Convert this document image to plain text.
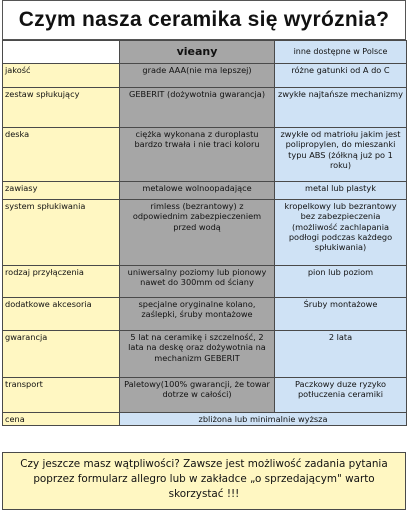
Czym nasza ceramika się wyróznia?
	vieany	inne dostępne w Polsce
jakość	grade AAA(nie ma lepszej)	różne gatunki od A do C
zestaw spłukujący	GEBERIT (dożywotnia gwarancja)	zwykłe najtańsze mechanizmy
deska	ciężka wykonana z duroplastu bardzo trwała i nie traci koloru	zwykłe od matriołu jakim jest polipropylen, do mieszanki typu ABS (żółkną już po 1 roku)
zawiasy	metalowe wolnoopadające	metal lub plastyk
system spłukiwania	rimless (bezrantowy) z odpowiednim zabezpieczeniem przed wodą	kropelkowy lub bezrantowy bez zabezpieczenia (możliwość zachlapania podłogi podczas każdego spłukiwania)
rodzaj przyłączenia	uniwersalny poziomy lub pionowy nawet do 300mm od ściany	pion lub poziom
dodatkowe akcesoria	specjalne oryginalne kolano, zaślepki, śruby montażowe	Śruby montażowe
gwarancja	5 lat na ceramikę i szczelność, 2 lata na deskę oraz dożywotnia na mechanizm GEBERIT	2 lata
transport	Paletowy(100% gwarancji, że towar dotrze w całości)	Paczkowy duze ryzyko potłuczenia ceramiki
cena	zbliżona lub minimalnie wyższa	
Czy jeszcze masz wątpliwości? Zawsze jest możliwość zadania pytania poprzez formularz allegro lub w zakładce „o sprzedającym" warto skorzystać !!!
